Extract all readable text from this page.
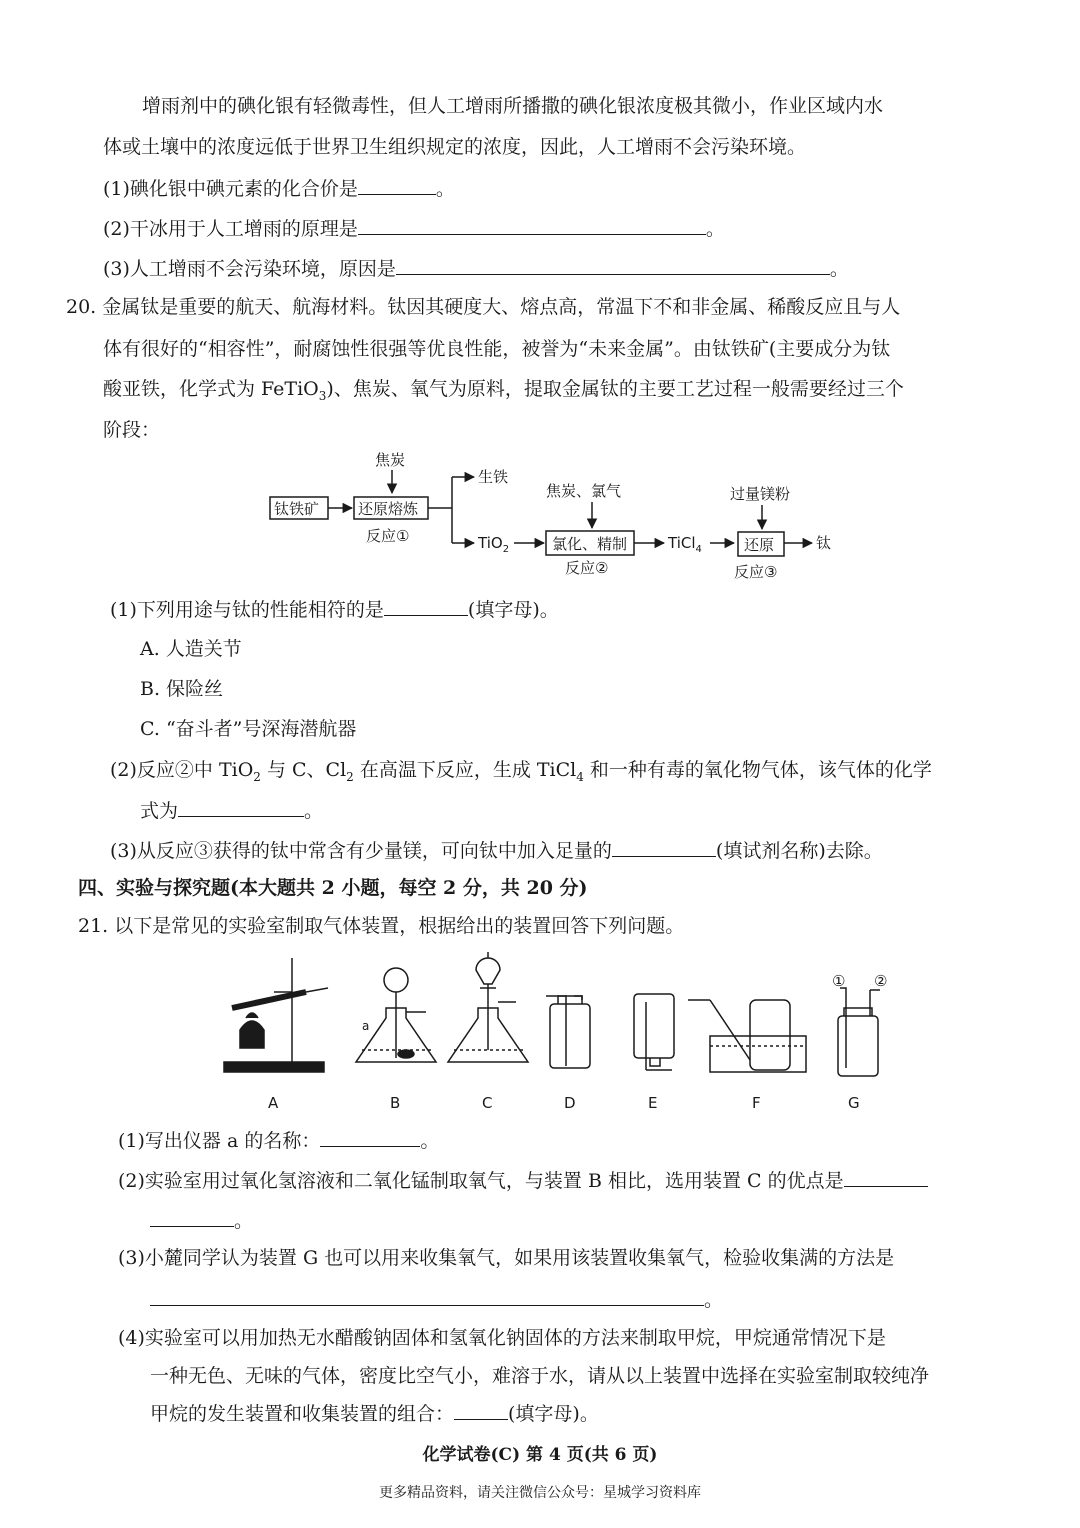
增雨剂中的碘化银有轻微毒性，但人工增雨所播撒的碘化银浓度极其微小，作业区域内水
体或土壤中的浓度远低于世界卫生组织规定的浓度，因此，人工增雨不会污染环境。
(1)碘化银中碘元素的化合价是	。
(2)干冰用于人工增雨的原理是	。
(3)人工增雨不会污染环境，原因是	。
20. 金属钛是重要的航天、航海材料。钛因其硬度大、熔点高，常温下不和非金属、稀酸反应且与人
体有很好的“相容性”，耐腐蚀性很强等优良性能，被誉为“未来金属”。由钛铁矿(主要成分为钛
酸亚铁，化学式为 FeTiO$_3$)、焦炭、氧气为原料，提取金属钛的主要工艺过程一般需要经过三个
阶段：
焦炭
钛铁矿	还原熔炼
反应①
生铁
TiO$_2$
焦炭、氯气
氯化、精制
反应②
TiCl$_4$
过量镁粉
还原
反应③
钛
(1)下列用途与钛的性能相符的是	(填字母)。
A. 人造关节
B. 保险丝
C. “奋斗者”号深海潜航器
(2)反应②中 TiO$_2$ 与 C、$Cl_2$ 在高温下反应，生成 TiCl$_4$ 和一种有毒的氧化物气体，该气体的化学
式为	。
(3)从反应③获得的钛中常含有少量镁，可向钛中加入足量的	(填试剂名称)去除。
四、实验与探究题(本大题共 2 小题，每空 2 分，共 20 分)
21. 以下是常见的实验室制取气体装置，根据给出的装置回答下列问题。
a
① ②
A	B	C	D	E	F	G
(1)写出仪器 a 的名称：	。
(2)实验室用过氧化氢溶液和二氧化锰制取氧气，与装置 B 相比，选用装置 C 的优点是
。
(3)小麓同学认为装置 G 也可以用来收集氧气，如果用该装置收集氧气，检验收集满的方法是
。
(4)实验室可以用加热无水醋酸钠固体和氢氧化钠固体的方法来制取甲烷，甲烷通常情况下是
一种无色、无味的气体，密度比空气小，难溶于水，请从以上装置中选择在实验室制取较纯净
甲烷的发生装置和收集装置的组合：	(填字母)。
化学试卷(C) 第 4 页(共 6 页)
更多精品资料，请关注微信公众号：星城学习资料库
